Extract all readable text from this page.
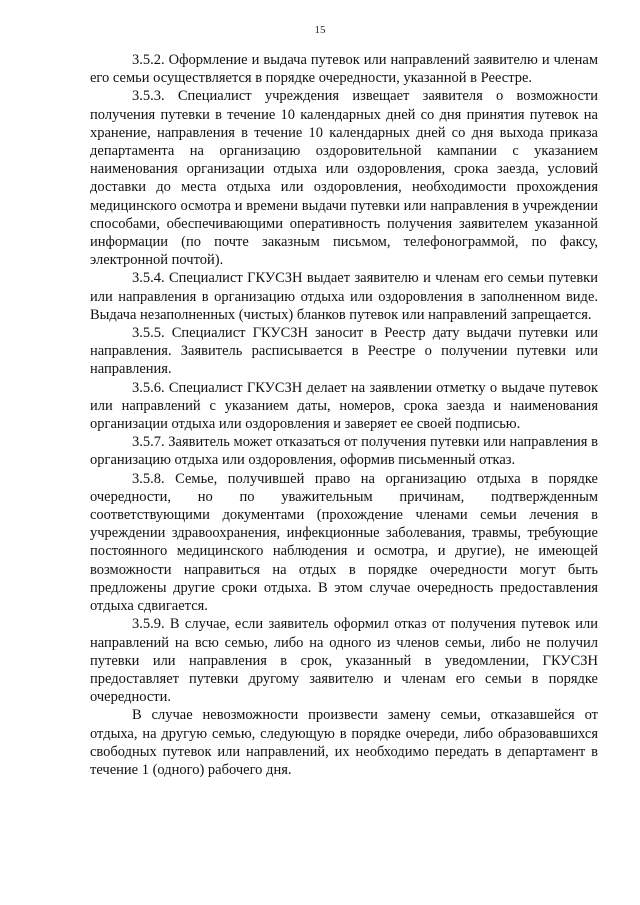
15

3.5.2. Оформление и выдача путевок или направлений заявителю и членам его семьи осуществляется в порядке очередности, указанной в Реестре.

3.5.3. Специалист учреждения извещает заявителя о возможности получения путевки в течение 10 календарных дней со дня принятия путевок на хранение, направления в течение 10 календарных дней со дня выхода приказа департамента на организацию оздоровительной кампании с указанием наименования организации отдыха или оздоровления, срока заезда, условий доставки до места отдыха или оздоровления, необходимости прохождения медицинского осмотра и времени выдачи путевки или направления в учреждении способами, обеспечивающими оперативность получения заявителем указанной информации (по почте заказным письмом, телефонограммой, по факсу, электронной почтой).

3.5.4. Специалист ГКУСЗН выдает заявителю и членам его семьи путевки или направления в организацию отдыха или оздоровления в заполненном виде. Выдача незаполненных (чистых) бланков путевок или направлений запрещается.

3.5.5. Специалист ГКУСЗН заносит в Реестр дату выдачи путевки или направления. Заявитель расписывается в Реестре о получении путевки или направления.

3.5.6. Специалист ГКУСЗН делает на заявлении отметку о выдаче путевок или направлений с указанием даты, номеров, срока заезда и наименования организации отдыха или оздоровления и заверяет ее своей подписью.

3.5.7. Заявитель может отказаться от получения путевки или направления в организацию отдыха или оздоровления, оформив письменный отказ.

3.5.8. Семье, получившей право на организацию отдыха в порядке очередности, но по уважительным причинам, подтвержденным соответствующими документами (прохождение членами семьи лечения в учреждении здравоохранения, инфекционные заболевания, травмы, требующие постоянного медицинского наблюдения и осмотра, и другие), не имеющей возможности направиться на отдых в порядке очередности могут быть предложены другие сроки отдыха. В этом случае очередность предоставления отдыха сдвигается.

3.5.9. В случае, если заявитель оформил отказ от получения путевок или направлений на всю семью, либо на одного из членов семьи, либо не получил путевки или направления в срок, указанный в уведомлении, ГКУСЗН предоставляет путевки другому заявителю и членам его семьи в порядке очередности.

В случае невозможности произвести замену семьи, отказавшейся от отдыха, на другую семью, следующую в порядке очереди, либо образовавшихся свободных путевок или направлений, их необходимо передать в департамент в течение 1 (одного) рабочего дня.
